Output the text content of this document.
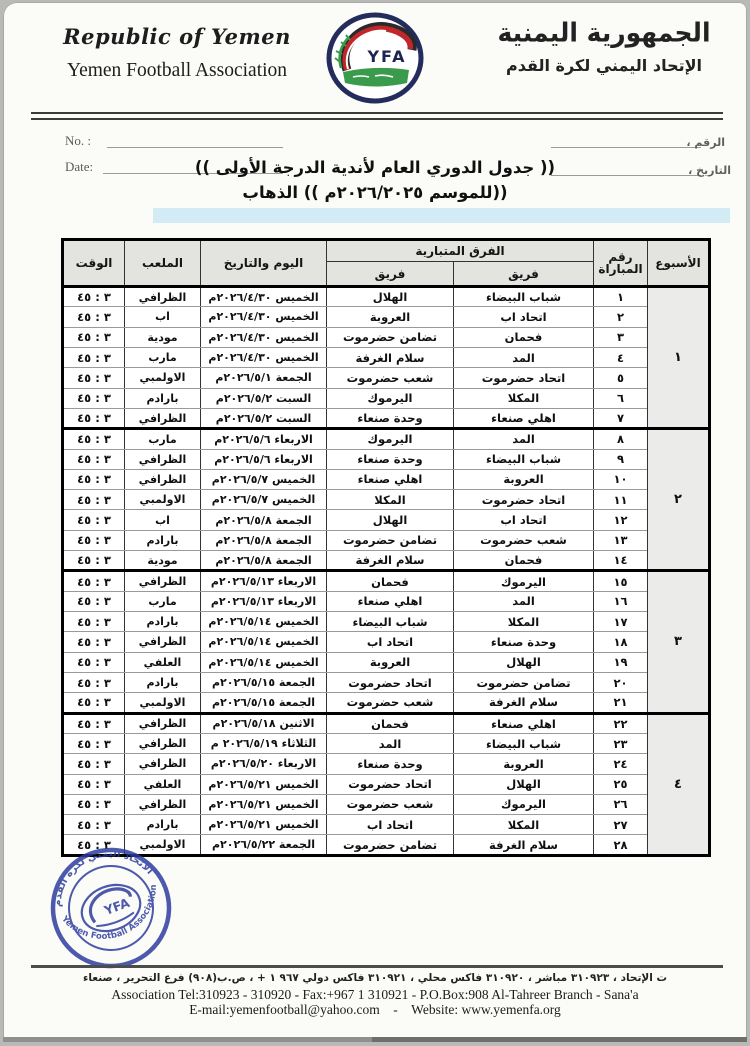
Republic of Yemen
Yemen Football Association
YFA
الجمهورية اليمنية
الإتحاد اليمني لكرة القدم
No. :
Date:
الرقم ،
التاريخ ،
(( جدول الدوري العام لأندية الدرجة الأولى ))
((للموسم ٢٠٢٦/٢٠٢٥م )) الذهاب
الأسبوع	رقم
المباراة	الفرق المتبارية		اليوم والتاريخ	الملعب	الوقت
		فريق	فريق			
١	١	شباب البيضاء	الهلال	الخميس ٢٠٢٦/٤/٣٠م	الظرافي	٣ : ٤٥
	٢	اتحاد اب	العروبة	الخميس ٢٠٢٦/٤/٣٠م	اب	٣ : ٤٥
	٣	فحمان	تضامن حضرموت	الخميس ٢٠٢٦/٤/٣٠م	مودية	٣ : ٤٥
	٤	المد	سلام الغرفة	الخميس ٢٠٢٦/٤/٣٠م	مارب	٣ : ٤٥
	٥	اتحاد حضرموت	شعب حضرموت	الجمعة ٢٠٢٦/٥/١م	الاولمبي	٣ : ٤٥
	٦	المكلا	اليرموك	السبت ٢٠٢٦/٥/٢م	بارادم	٣ : ٤٥
	٧	اهلي صنعاء	وحدة صنعاء	السبت ٢٠٢٦/٥/٢م	الظرافي	٣ : ٤٥
٢	٨	المد	اليرموك	الاربعاء ٢٠٢٦/٥/٦م	مارب	٣ : ٤٥
	٩	شباب البيضاء	وحدة صنعاء	الاربعاء ٢٠٢٦/٥/٦م	الظرافي	٣ : ٤٥
	١٠	العروبة	اهلي صنعاء	الخميس ٢٠٢٦/٥/٧م	الظرافي	٣ : ٤٥
	١١	اتحاد حضرموت	المكلا	الخميس ٢٠٢٦/٥/٧م	الاولمبي	٣ : ٤٥
	١٢	اتحاد اب	الهلال	الجمعة ٢٠٢٦/٥/٨م	اب	٣ : ٤٥
	١٣	شعب حضرموت	تضامن حضرموت	الجمعة ٢٠٢٦/٥/٨م	بارادم	٣ : ٤٥
	١٤	فحمان	سلام الغرفة	الجمعة ٢٠٢٦/٥/٨م	مودية	٣ : ٤٥
٣	١٥	اليرموك	فحمان	الاربعاء ٢٠٢٦/٥/١٣م	الظرافي	٣ : ٤٥
	١٦	المد	اهلي صنعاء	الاربعاء ٢٠٢٦/٥/١٣م	مارب	٣ : ٤٥
	١٧	المكلا	شباب البيضاء	الخميس ٢٠٢٦/٥/١٤م	بارادم	٣ : ٤٥
	١٨	وحدة صنعاء	اتحاد اب	الخميس ٢٠٢٦/٥/١٤م	الظرافي	٣ : ٤٥
	١٩	الهلال	العروبة	الخميس ٢٠٢٦/٥/١٤م	العلفي	٣ : ٤٥
	٢٠	تضامن حضرموت	اتحاد حضرموت	الجمعة ٢٠٢٦/٥/١٥م	بارادم	٣ : ٤٥
	٢١	سلام الغرفة	شعب حضرموت	الجمعة ٢٠٢٦/٥/١٥م	الاولمبي	٣ : ٤٥
٤	٢٢	اهلي صنعاء	فحمان	الاثنين ٢٠٢٦/٥/١٨م	الظرافي	٣ : ٤٥
	٢٣	شباب البيضاء	المد	الثلاثاء ٢٠٢٦/٥/١٩ م	الظرافي	٣ : ٤٥
	٢٤	العروبة	وحدة صنعاء	الاربعاء ٢٠٢٦/٥/٢٠م	الظرافي	٣ : ٤٥
	٢٥	الهلال	اتحاد حضرموت	الخميس ٢٠٢٦/٥/٢١م	العلفي	٣ : ٤٥
	٢٦	اليرموك	شعب حضرموت	الخميس ٢٠٢٦/٥/٢١م	الظرافي	٣ : ٤٥
	٢٧	المكلا	اتحاد اب	الخميس ٢٠٢٦/٥/٢١م	بارادم	٣ : ٤٥
	٢٨	سلام الغرفة	تضامن حضرموت	الجمعة ٢٠٢٦/٥/٢٢م	الاولمبي	٣ : ٤٥
YFA
الاتحاد اليمني لكرة القدم
Yemen Football Association
ت الإتحاد ، ٣١٠٩٢٣ مباشر ، ٣١٠٩٢٠ فاكس محلي ، ٣١٠٩٢١ فاكس دولي ٩٦٧ ١ + ، ص.ب(٩٠٨) فرع التحرير ، صنعاء
Association Tel:310923 - 310920 - Fax:+967 1 310921 - P.O.Box:908 Al-Tahreer Branch - Sana'a
E-mail:yemenfootball@yahoo.com - Website: www.yemenfa.org
